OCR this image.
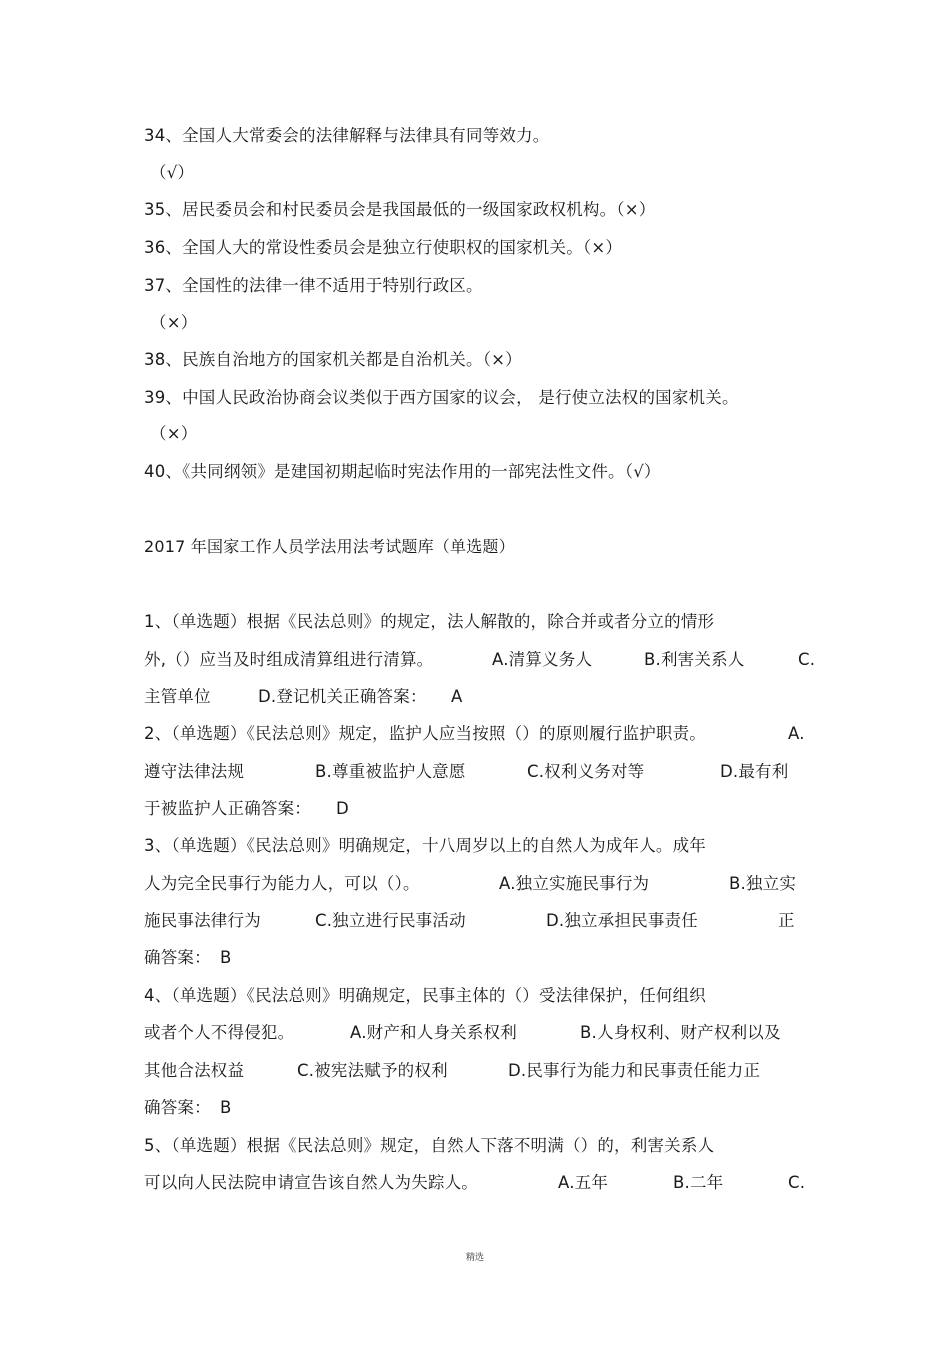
34、全国人大常委会的法律解释与法律具有同等效力。
（√）
35、居民委员会和村民委员会是我国最低的一级国家政权机构。（×）
36、全国人大的常设性委员会是独立行使职权的国家机关。（×）
37、全国性的法律一律不适用于特别行政区。
（×）
38、民族自治地方的国家机关都是自治机关。（×）
39、中国人民政治协商会议类似于西方国家的议会， 是行使立法权的国家机关。
（×）
40、《共同纲领》是建国初期起临时宪法作用的一部宪法性文件。（√）
2017 年国家工作人员学法用法考试题库（单选题）
1、（单选题）根据《民法总则》的规定，法人解散的，除合并或者分立的情形
外,（）应当及时组成清算组进行清算。	A.清算义务人	B.利害关系人	C.
主管单位	D.登记机关正确答案： A
2、（单选题）《民法总则》规定，监护人应当按照（）的原则履行监护职责。	A.
遵守法律法规	B.尊重被监护人意愿	C.权利义务对等	D.最有利
于被监护人正确答案： D
3、（单选题）《民法总则》明确规定，十八周岁以上的自然人为成年人。成年
人为完全民事行为能力人，可以（）。	A.独立实施民事行为	B.独立实
施民事法律行为	C.独立进行民事活动	D.独立承担民事责任	正
确答案： B
4、（单选题）《民法总则》明确规定，民事主体的（）受法律保护，任何组织
或者个人不得侵犯。	A.财产和人身关系权利	B.人身权利、财产权利以及
其他合法权益	C.被宪法赋予的权利	D.民事行为能力和民事责任能力正
确答案： B
5、（单选题）根据《民法总则》规定，自然人下落不明满（）的，利害关系人
可以向人民法院申请宣告该自然人为失踪人。	A.五年	B.二年	C.
精选
